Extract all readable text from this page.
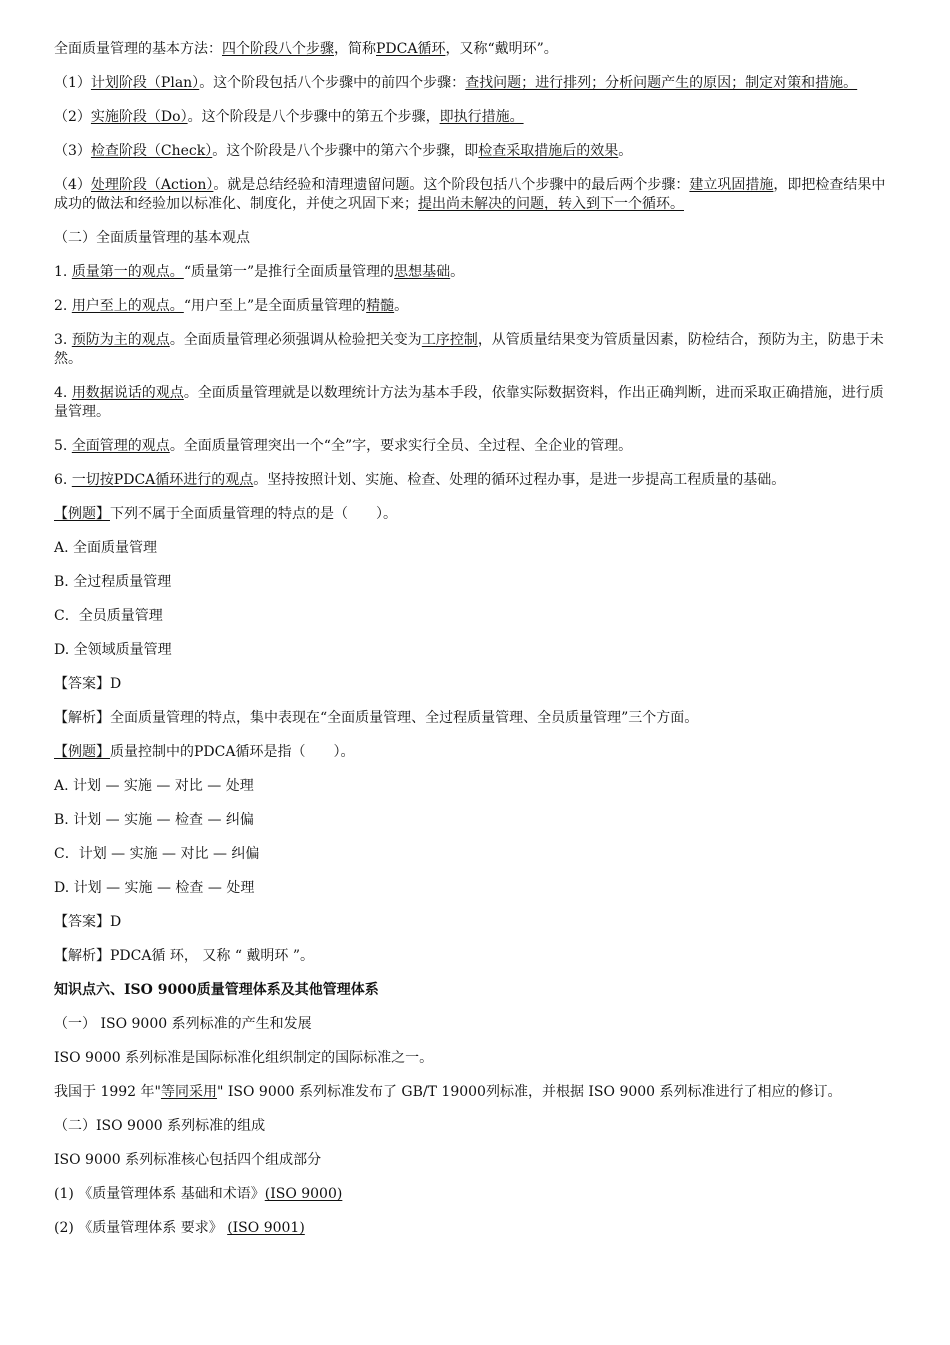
全面质量管理的基本方法：四个阶段八个步骤，简称PDCA循环，又称“戴明环”。

（1）计划阶段（Plan）。这个阶段包括八个步骤中的前四个步骤：查找问题；进行排列；分析问题产生的原因；制定对策和措施。

（2）实施阶段（Do）。这个阶段是八个步骤中的第五个步骤，即执行措施。

（3）检查阶段（Check）。这个阶段是八个步骤中的第六个步骤，即检查采取措施后的效果。

（4）处理阶段（Action）。就是总结经验和清理遗留问题。这个阶段包括八个步骤中的最后两个步骤：建立巩固措施，即把检查结果中成功的做法和经验加以标准化、制度化，并使之巩固下来；提出尚未解决的问题，转入到下一个循环。

（二）全面质量管理的基本观点

1. 质量第一的观点。“质量第一”是推行全面质量管理的思想基础。

2. 用户至上的观点。“用户至上”是全面质量管理的精髓。

3. 预防为主的观点。全面质量管理必须强调从检验把关变为工序控制，从管质量结果变为管质量因素，防检结合，预防为主，防患于未然。

4. 用数据说话的观点。全面质量管理就是以数理统计方法为基本手段，依靠实际数据资料，作出正确判断，进而采取正确措施，进行质量管理。

5. 全面管理的观点。全面质量管理突出一个“全”字，要求实行全员、全过程、全企业的管理。

6. 一切按PDCA循环进行的观点。坚持按照计划、实施、检查、处理的循环过程办事，是进一步提高工程质量的基础。

【例题】下列不属于全面质量管理的特点的是（　　）。

A. 全面质量管理

B. 全过程质量管理

C．全员质量管理

D. 全领域质量管理

【答案】D

【解析】全面质量管理的特点，集中表现在“全面质量管理、全过程质量管理、全员质量管理”三个方面。

【例题】质量控制中的PDCA循环是指（　　）。

A. 计划 — 实施 — 对比 — 处理

B. 计划 — 实施 — 检查 — 纠偏

C．计划 — 实施 — 对比 — 纠偏

D. 计划 — 实施 — 检查 — 处理

【答案】D

【解析】PDCA循 环， 又称 “ 戴明环 ”。

知识点六、ISO 9000质量管理体系及其他管理体系

（一） ISO 9000 系列标准的产生和发展

ISO 9000 系列标准是国际标准化组织制定的国际标准之一。

我国于 1992 年"等同采用" ISO 9000 系列标准发布了 GB/T 19000列标准，并根据 ISO 9000 系列标准进行了相应的修订。

（二）ISO 9000 系列标准的组成

ISO 9000 系列标准核心包括四个组成部分

(1) 《质量管理体系 基础和术语》(ISO 9000)

(2) 《质量管理体系 要求》 (ISO 9001)
